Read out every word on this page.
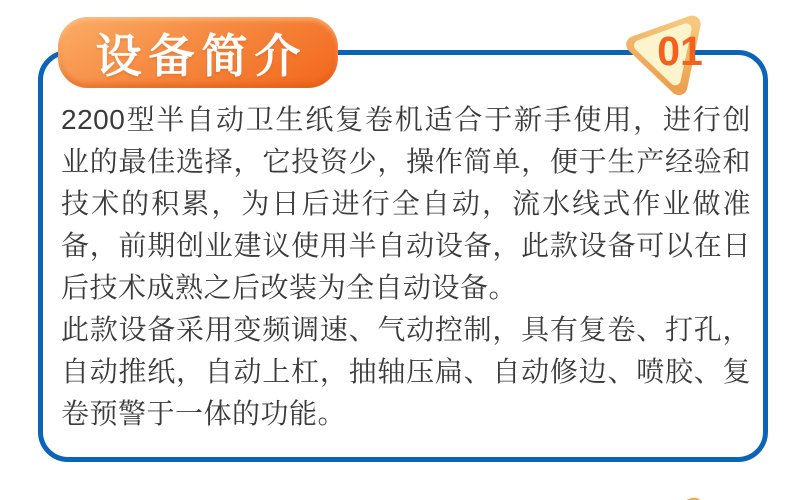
2200型半自动卫生纸复卷机适合于新手使用，进行创业的最佳选择，它投资少，操作简单，便于生产经验和技术的积累，为日后进行全自动，流水线式作业做准备，前期创业建议使用半自动设备，此款设备可以在日后技术成熟之后改装为全自动设备。

此款设备采用变频调速、气动控制，具有复卷、打孔，自动推纸，自动上杠，抽轴压扁、自动修边、喷胶、复卷预警于一体的功能。

设备简介	01
